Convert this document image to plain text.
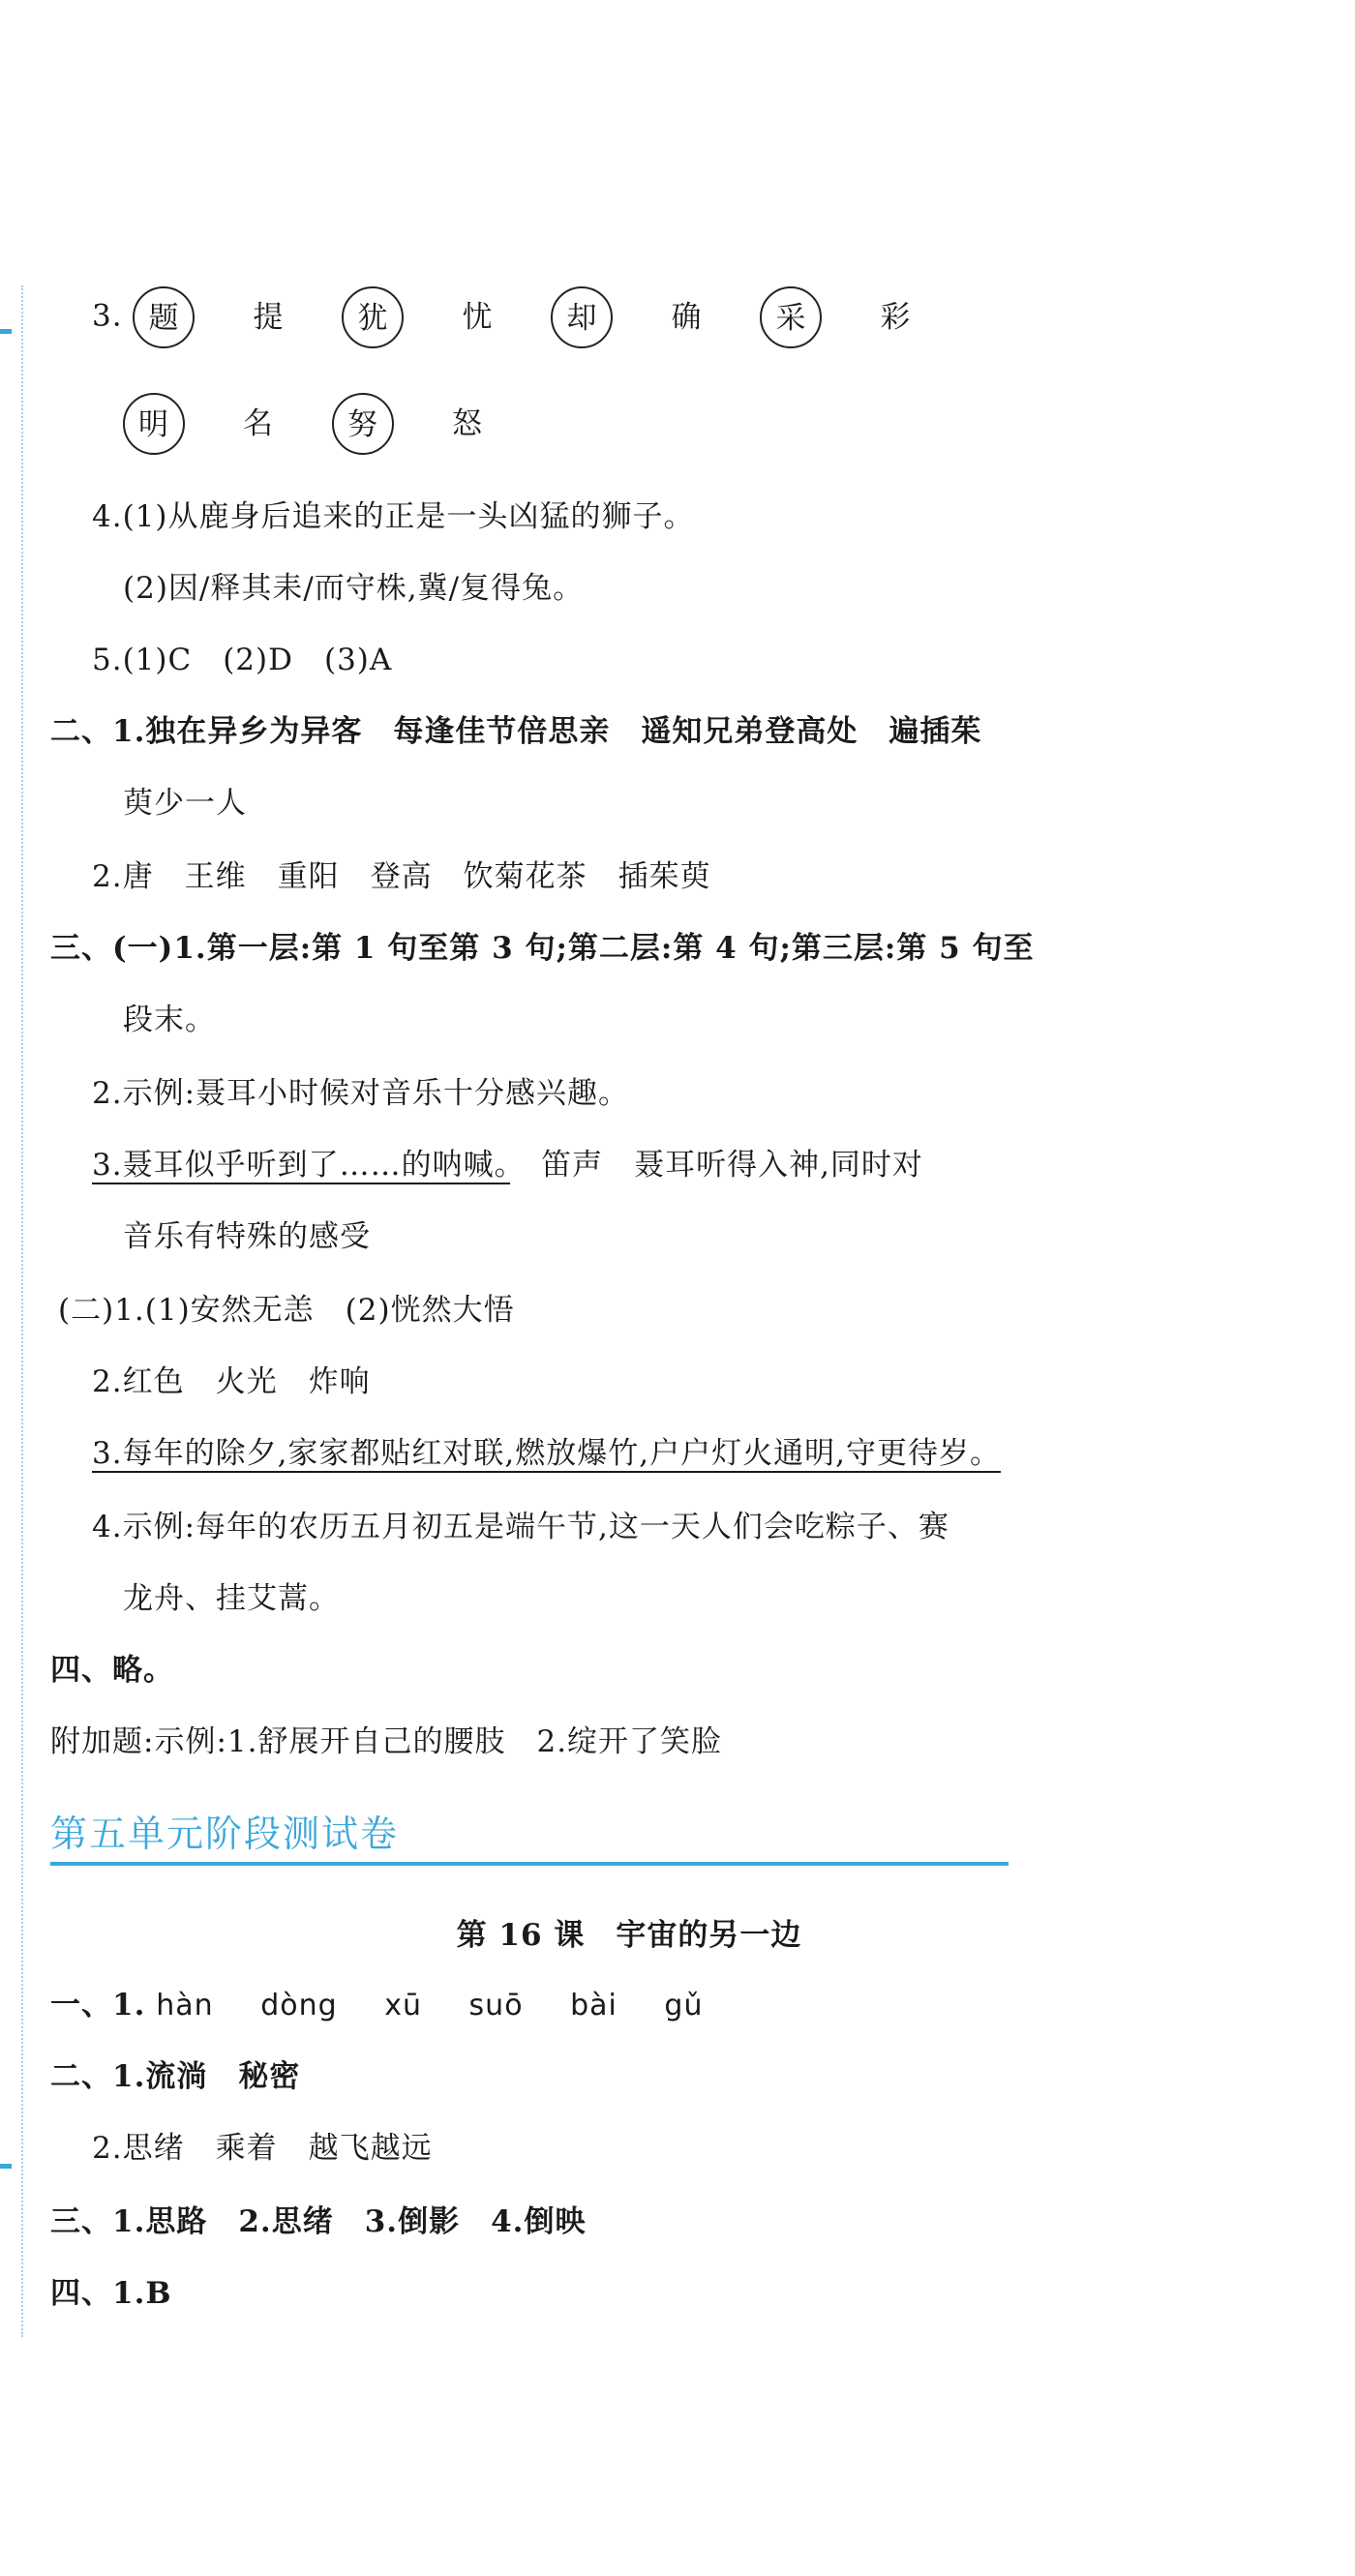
3. 题 提 犹 忧 却 确 采 彩
明 名 努 怒
4.(1)从鹿身后追来的正是一头凶猛的狮子。
(2)因/释其耒/而守株,冀/复得兔。
5.(1)C　(2)D　(3)A
二、1.独在异乡为异客　每逢佳节倍思亲　遥知兄弟登高处　遍插茱
萸少一人
2.唐　王维　重阳　登高　饮菊花茶　插茱萸
三、(一)1.第一层:第 1 句至第 3 句;第二层:第 4 句;第三层:第 5 句至
段末。
2.示例:聂耳小时候对音乐十分感兴趣。
3.聂耳似乎听到了……的呐喊。　笛声　聂耳听得入神,同时对
音乐有特殊的感受
(二)1.(1)安然无恙　(2)恍然大悟
2.红色　火光　炸响
3.每年的除夕,家家都贴红对联,燃放爆竹,户户灯火通明,守更待岁。
4.示例:每年的农历五月初五是端午节,这一天人们会吃粽子、赛
龙舟、挂艾蒿。
四、略。
附加题:示例:1.舒展开自己的腰肢　2.绽开了笑脸
第五单元阶段测试卷
第 16 课　宇宙的另一边
一、1. hàn dòng xū suō bài gǔ
二、1.流淌　秘密
2.思绪　乘着　越飞越远
三、1.思路　2.思绪　3.倒影　4.倒映
四、1.B
